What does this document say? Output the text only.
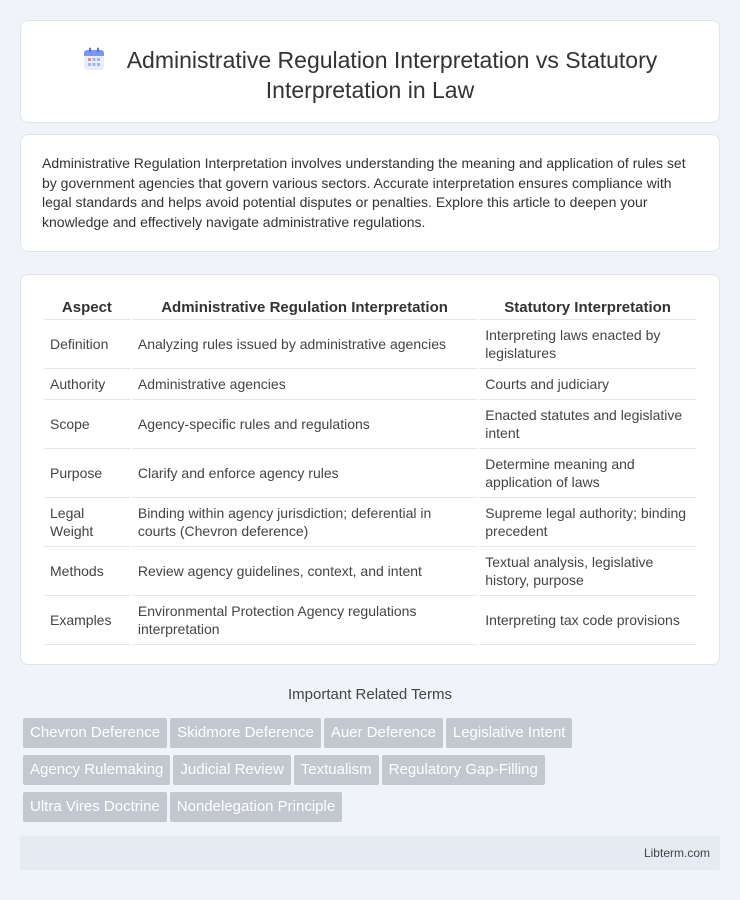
Administrative Regulation Interpretation vs Statutory
Interpretation in Law

Administrative Regulation Interpretation involves understanding the meaning and application of rules set by government agencies that govern various sectors. Accurate interpretation ensures compliance with legal standards and helps avoid potential disputes or penalties. Explore this article to deepen your knowledge and effectively navigate administrative regulations.

Aspect	Administrative Regulation Interpretation	Statutory Interpretation
Definition	Analyzing rules issued by administrative agencies	Interpreting laws enacted by legislatures
Authority	Administrative agencies	Courts and judiciary
Scope	Agency-specific rules and regulations	Enacted statutes and legislative intent
Purpose	Clarify and enforce agency rules	Determine meaning and application of laws
Legal Weight	Binding within agency jurisdiction; deferential in courts (Chevron deference)	Supreme legal authority; binding precedent
Methods	Review agency guidelines, context, and intent	Textual analysis, legislative history, purpose
Examples	Environmental Protection Agency regulations interpretation	Interpreting tax code provisions
Important Related Terms
Chevron Deference Skidmore Deference Auer Deference Legislative Intent
Agency Rulemaking Judicial Review Textualism Regulatory Gap-Filling
Ultra Vires Doctrine Nondelegation Principle
Libterm.com
